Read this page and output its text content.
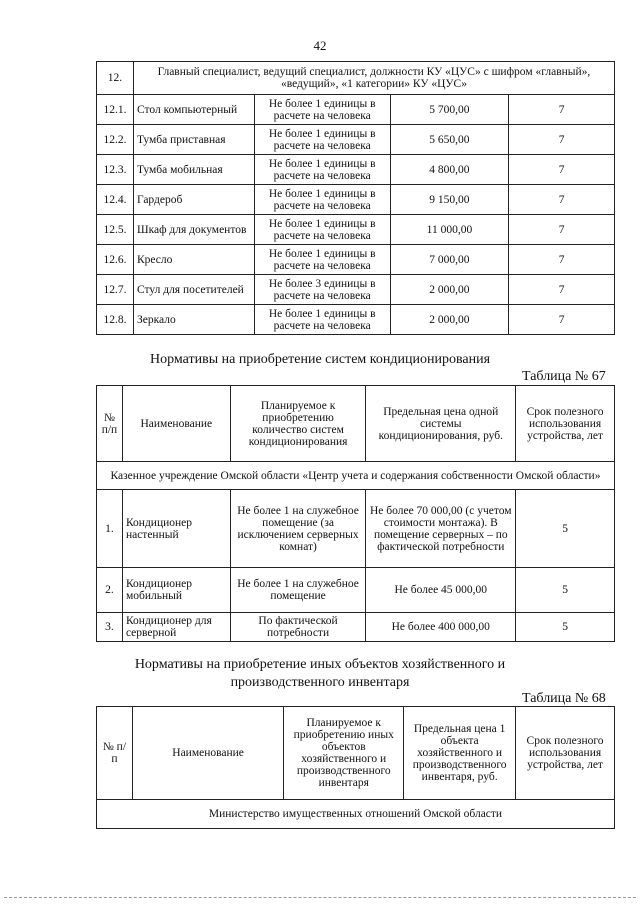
42
12.	Главный специалист, ведущий специалист, должности КУ «ЦУС» с шифром «главный», «ведущий», «1 категории» КУ «ЦУС»			
12.1.	Стол компьютерный	Не более 1 единицы в расчете на человека	5 700,00	7
12.2.	Тумба приставная	Не более 1 единицы в расчете на человека	5 650,00	7
12.3.	Тумба мобильная	Не более 1 единицы в расчете на человека	4 800,00	7
12.4.	Гардероб	Не более 1 единицы в расчете на человека	9 150,00	7
12.5.	Шкаф для документов	Не более 1 единицы в расчете на человека	11 000,00	7
12.6.	Кресло	Не более 1 единицы в расчете на человека	7 000,00	7
12.7.	Стул для посетителей	Не более 3 единицы в расчете на человека	2 000,00	7
12.8.	Зеркало	Не более 1 единицы в расчете на человека	2 000,00	7
Нормативы на приобретение систем кондиционирования
Таблица № 67
№ п/п	Наименование	Планируемое к приобретению количество систем кондиционирования	Предельная цена одной системы кондиционирования, руб.	Срок полезного использования устройства, лет
Казенное учреждение Омской области «Центр учета и содержания собственности Омской области»				
1.	Кондиционер настенный	Не более 1 на служебное помещение (за исключением серверных комнат)	Не более 70 000,00 (с учетом стоимости монтажа). В помещение серверных – по фактической потребности	5
2.	Кондиционер мобильный	Не более 1 на служебное помещение	Не более 45 000,00	5
3.	Кондиционер для серверной	По фактической потребности	Не более 400 000,00	5
Нормативы на приобретение иных объектов хозяйственного и
производственного инвентаря
Таблица № 68
№ п/п	Наименование	Планируемое к приобретению иных объектов хозяйственного и производственного инвентаря	Предельная цена 1 объекта хозяйственного и производственного инвентаря, руб.	Срок полезного использования устройства, лет
Министерство имущественных отношений Омской области
